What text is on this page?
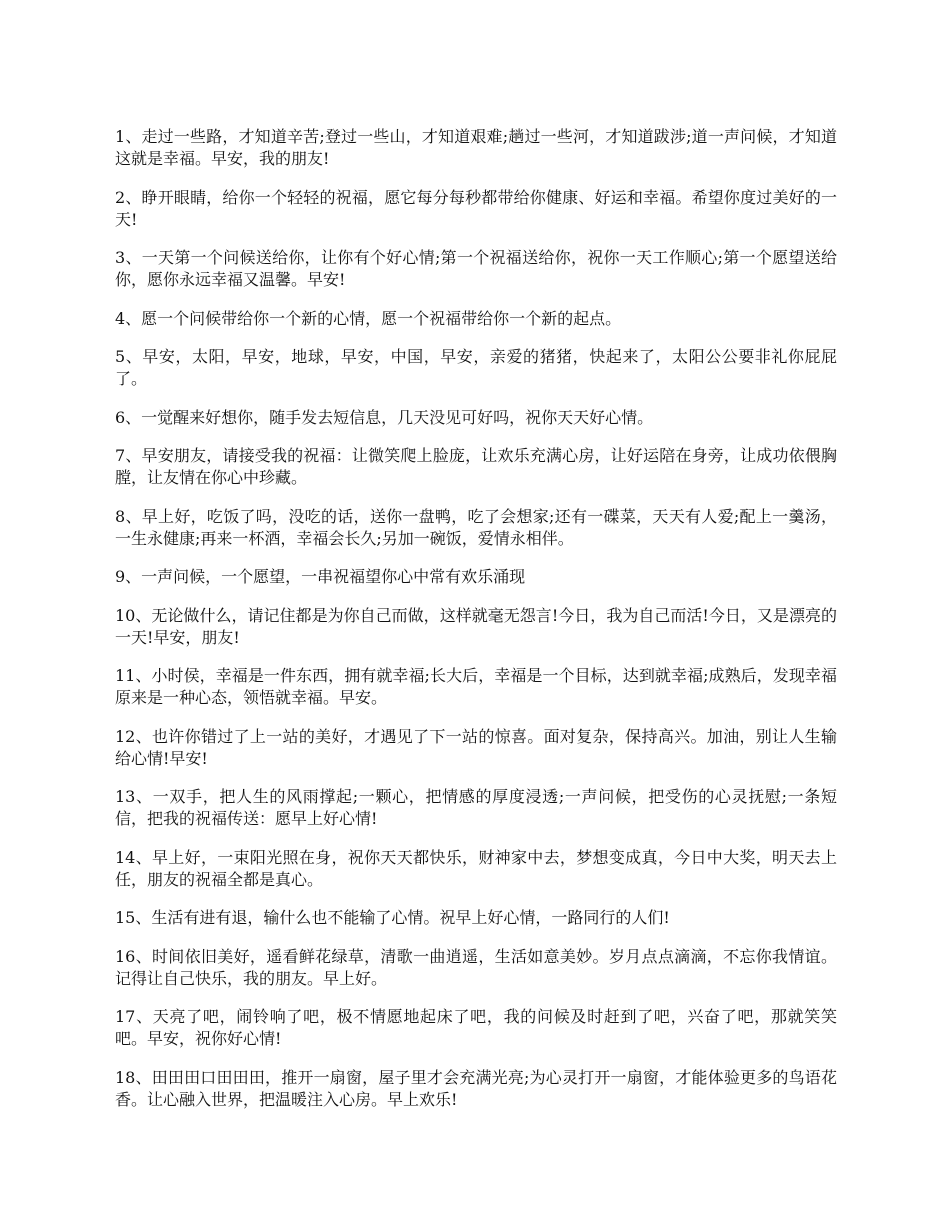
1、走过一些路，才知道辛苦;登过一些山，才知道艰难;趟过一些河，才知道跋涉;道一声问候，才知道这就是幸福。早安，我的朋友!

2、睁开眼睛，给你一个轻轻的祝福，愿它每分每秒都带给你健康、好运和幸福。希望你度过美好的一天!

3、一天第一个问候送给你，让你有个好心情;第一个祝福送给你，祝你一天工作顺心;第一个愿望送给你，愿你永远幸福又温馨。早安!

4、愿一个问候带给你一个新的心情，愿一个祝福带给你一个新的起点。

5、早安，太阳，早安，地球，早安，中国，早安，亲爱的猪猪，快起来了，太阳公公要非礼你屁屁了。

6、一觉醒来好想你，随手发去短信息，几天没见可好吗，祝你天天好心情。

7、早安朋友，请接受我的祝福：让微笑爬上脸庞，让欢乐充满心房，让好运陪在身旁，让成功依偎胸膛，让友情在你心中珍藏。

8、早上好，吃饭了吗，没吃的话，送你一盘鸭，吃了会想家;还有一碟菜，天天有人爱;配上一羹汤，一生永健康;再来一杯酒，幸福会长久;另加一碗饭，爱情永相伴。

9、一声问候，一个愿望，一串祝福望你心中常有欢乐涌现

10、无论做什么，请记住都是为你自己而做，这样就毫无怨言!今日，我为自己而活!今日，又是漂亮的一天!早安，朋友!

11、小时侯，幸福是一件东西，拥有就幸福;长大后，幸福是一个目标，达到就幸福;成熟后，发现幸福原来是一种心态，领悟就幸福。早安。

12、也许你错过了上一站的美好，才遇见了下一站的惊喜。面对复杂，保持高兴。加油，别让人生输给心情!早安!

13、一双手，把人生的风雨撑起;一颗心，把情感的厚度浸透;一声问候，把受伤的心灵抚慰;一条短信，把我的祝福传送：愿早上好心情!

14、早上好，一束阳光照在身，祝你天天都快乐，财神家中去，梦想变成真，今日中大奖，明天去上任，朋友的祝福全都是真心。

15、生活有进有退，输什么也不能输了心情。祝早上好心情，一路同行的人们!

16、时间依旧美好，遥看鲜花绿草，清歌一曲逍遥，生活如意美妙。岁月点点滴滴，不忘你我情谊。记得让自己快乐，我的朋友。早上好。

17、天亮了吧，闹铃响了吧，极不情愿地起床了吧，我的问候及时赶到了吧，兴奋了吧，那就笑笑吧。早安，祝你好心情!

18、田田田口田田田，推开一扇窗，屋子里才会充满光亮;为心灵打开一扇窗，才能体验更多的鸟语花香。让心融入世界，把温暖注入心房。早上欢乐!
